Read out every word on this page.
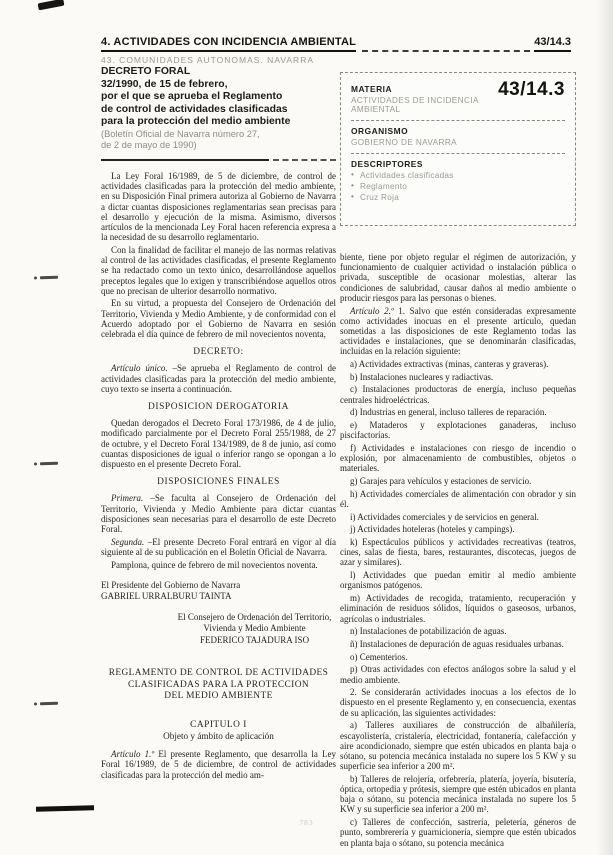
4. ACTIVIDADES CON INCIDENCIA AMBIENTAL	43/14.3
43. COMUNIDADES AUTONOMAS. NAVARRA
DECRETO FORAL
32/1990, de 15 de febrero,
por el que se aprueba el Reglamento
de control de actividades clasificadas
para la protección del medio ambiente
(Boletín Oficial de Navarra número 27,
de 2 de mayo de 1990)
La Ley Foral 16/1989, de 5 de diciembre, de control de actividades clasificadas para la protección del medio ambiente, en su Disposición Final primera autoriza al Gobierno de Navarra a dictar cuantas disposiciones reglamentarias sean precisas para el desarrollo y ejecución de la misma. Asimismo, diversos artículos de la mencionada Ley Foral hacen referencia expresa a la necesidad de su desarrollo reglamentario.
Con la finalidad de facilitar el manejo de las normas relativas al control de las actividades clasificadas, el presente Reglamento se ha redactado como un texto único, desarrollándose aquellos preceptos legales que lo exigen y transcribiéndose aquellos otros que no precisan de ulterior desarrollo normativo.
En su virtud, a propuesta del Consejero de Ordenación del Territorio, Vivienda y Medio Ambiente, y de conformidad con el Acuerdo adoptado por el Gobierno de Navarra en sesión celebrada el día quince de febrero de mil novecientos noventa,
DECRETO:
Artículo único. –Se aprueba el Reglamento de control de actividades clasificadas para la protección del medio ambiente, cuyo texto se inserta a continuación.
DISPOSICION DEROGATORIA
Quedan derogados el Decreto Foral 173/1986, de 4 de julio, modificado parcialmente por el Decreto Foral 255/1988, de 27 de octubre, y el Decreto Foral 134/1989, de 8 de junio, así como cuantas disposiciones de igual o inferior rango se opongan a lo dispuesto en el presente Decreto Foral.
DISPOSICIONES FINALES
Primera. –Se faculta al Consejero de Ordenación del Territorio, Vivienda y Medio Ambiente para dictar cuantas disposiciones sean necesarias para el desarrollo de este Decreto Foral.
Segunda. –El presente Decreto Foral entrará en vigor al día siguiente al de su publicación en el Boletín Oficial de Navarra.
Pamplona, quince de febrero de mil novecientos noventa.
El Presidente del Gobierno de Navarra
GABRIEL URRALBURU TAINTA
El Consejero de Ordenación del Territorio,
Vivienda y Medio Ambiente
FEDERICO TAJADURA ISO
REGLAMENTO DE CONTROL DE ACTIVIDADES
CLASIFICADAS PARA LA PROTECCION
DEL MEDIO AMBIENTE
CAPITULO I
Objeto y ámbito de aplicación
Artículo 1.º El presente Reglamento, que desarrolla la Ley Foral 16/1989, de 5 de diciembre, de control de actividades clasificadas para la protección del medio am-
43/14.3
MATERIA
ACTIVIDADES DE INCIDENCIA AMBIENTAL
ORGANISMO
GOBIERNO DE NAVARRA
DESCRIPTORES
• Actividades clasificadas
• Reglamento
• Cruz Roja
biente, tiene por objeto regular el régimen de autorización, y funcionamiento de cualquier actividad o instalación pública o privada, susceptible de ocasionar molestias, alterar las condiciones de salubridad, causar daños al medio ambiente o producir riesgos para las personas o bienes.
Artículo 2.º 1. Salvo que estén consideradas expresamente como actividades inocuas en el presente artículo, quedan sometidas a las disposiciones de este Reglamento todas las actividades e instalaciones, que se denominarán clasificadas, incluidas en la relación siguiente:
a) Actividades extractivas (minas, canteras y graveras).
b) Instalaciones nucleares y radiactivas.
c) Instalaciones productoras de energía, incluso pequeñas centrales hidroeléctricas.
d) Industrias en general, incluso talleres de reparación.
e) Mataderos y explotaciones ganaderas, incluso piscifactorías.
f) Actividades e instalaciones con riesgo de incendio o explosión, por almacenamiento de combustibles, objetos o materiales.
g) Garajes para vehículos y estaciones de servicio.
h) Actividades comerciales de alimentación con obrador y sin él.
i) Actividades comerciales y de servicios en general.
j) Actividades hoteleras (hoteles y campings).
k) Espectáculos públicos y actividades recreativas (teatros, cines, salas de fiesta, bares, restaurantes, discotecas, juegos de azar y similares).
l) Actividades que puedan emitir al medio ambiente organismos patógenos.
m) Actividades de recogida, tratamiento, recuperación y eliminación de residuos sólidos, líquidos o gaseosos, urbanos, agrícolas o industriales.
n) Instalaciones de potabilización de aguas.
ñ) Instalaciones de depuración de aguas residuales urbanas.
o) Cementerios.
p) Otras actividades con efectos análogos sobre la salud y el medio ambiente.
2. Se considerarán actividades inocuas a los efectos de lo dispuesto en el presente Reglamento y, en consecuencia, exentas de su aplicación, las siguientes actividades:
a) Talleres auxiliares de construcción de albañilería, escayolistería, cristalería, electricidad, fontanería, calefacción y aire acondicionado, siempre que estén ubicados en planta baja o sótano, su potencia mecánica instalada no supere los 5 KW y su superficie sea inferior a 200 m².
b) Talleres de relojería, orfebrería, platería, joyería, bisutería, óptica, ortopedia y prótesis, siempre que estén ubicados en planta baja o sótano, su potencia mecánica instalada no supere los 5 KW y su superficie sea inferior a 200 m².
c) Talleres de confección, sastrería, peletería, géneros de punto, sombrerería y guarnicionería, siempre que estén ubicados en planta baja o sótano, su potencia mecánica
783
